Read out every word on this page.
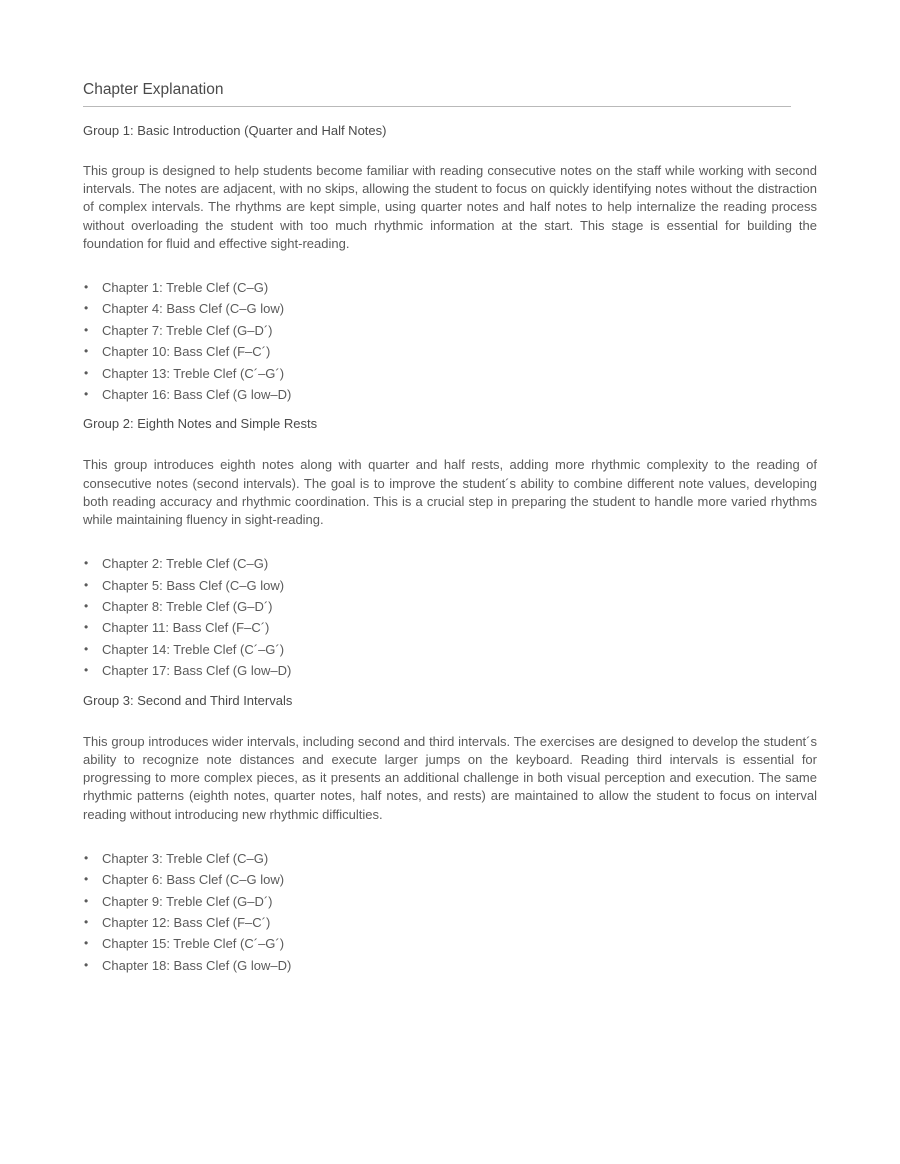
Chapter Explanation
Group 1: Basic Introduction (Quarter and Half Notes)

This group is designed to help students become familiar with reading consecutive notes on the staff while working with second intervals. The notes are adjacent, with no skips, allowing the student to focus on quickly identifying notes without the distraction of complex intervals. The rhythms are kept simple, using quarter notes and half notes to help internalize the reading process without overloading the student with too much rhythmic information at the start. This stage is essential for building the foundation for fluid and effective sight-reading.

• Chapter 1: Treble Clef (C–G)
• Chapter 4: Bass Clef (C–G low)
• Chapter 7: Treble Clef (G–D´)
• Chapter 10: Bass Clef (F–C´)
• Chapter 13: Treble Clef (C´–G´)
• Chapter 16: Bass Clef (G low–D)
Group 2: Eighth Notes and Simple Rests

This group introduces eighth notes along with quarter and half rests, adding more rhythmic complexity to the reading of consecutive notes (second intervals). The goal is to improve the student´s ability to combine different note values, developing both reading accuracy and rhythmic coordination. This is a crucial step in preparing the student to handle more varied rhythms while maintaining fluency in sight-reading.

• Chapter 2: Treble Clef (C–G)
• Chapter 5: Bass Clef (C–G low)
• Chapter 8: Treble Clef (G–D´)
• Chapter 11: Bass Clef (F–C´)
• Chapter 14: Treble Clef (C´–G´)
• Chapter 17: Bass Clef (G low–D)
Group 3: Second and Third Intervals

This group introduces wider intervals, including second and third intervals. The exercises are designed to develop the student´s ability to recognize note distances and execute larger jumps on the keyboard. Reading third intervals is essential for progressing to more complex pieces, as it presents an additional challenge in both visual perception and execution. The same rhythmic patterns (eighth notes, quarter notes, half notes, and rests) are maintained to allow the student to focus on interval reading without introducing new rhythmic difficulties.

• Chapter 3: Treble Clef (C–G)
• Chapter 6: Bass Clef (C–G low)
• Chapter 9: Treble Clef (G–D´)
• Chapter 12: Bass Clef (F–C´)
• Chapter 15: Treble Clef (C´–G´)
• Chapter 18: Bass Clef (G low–D)
